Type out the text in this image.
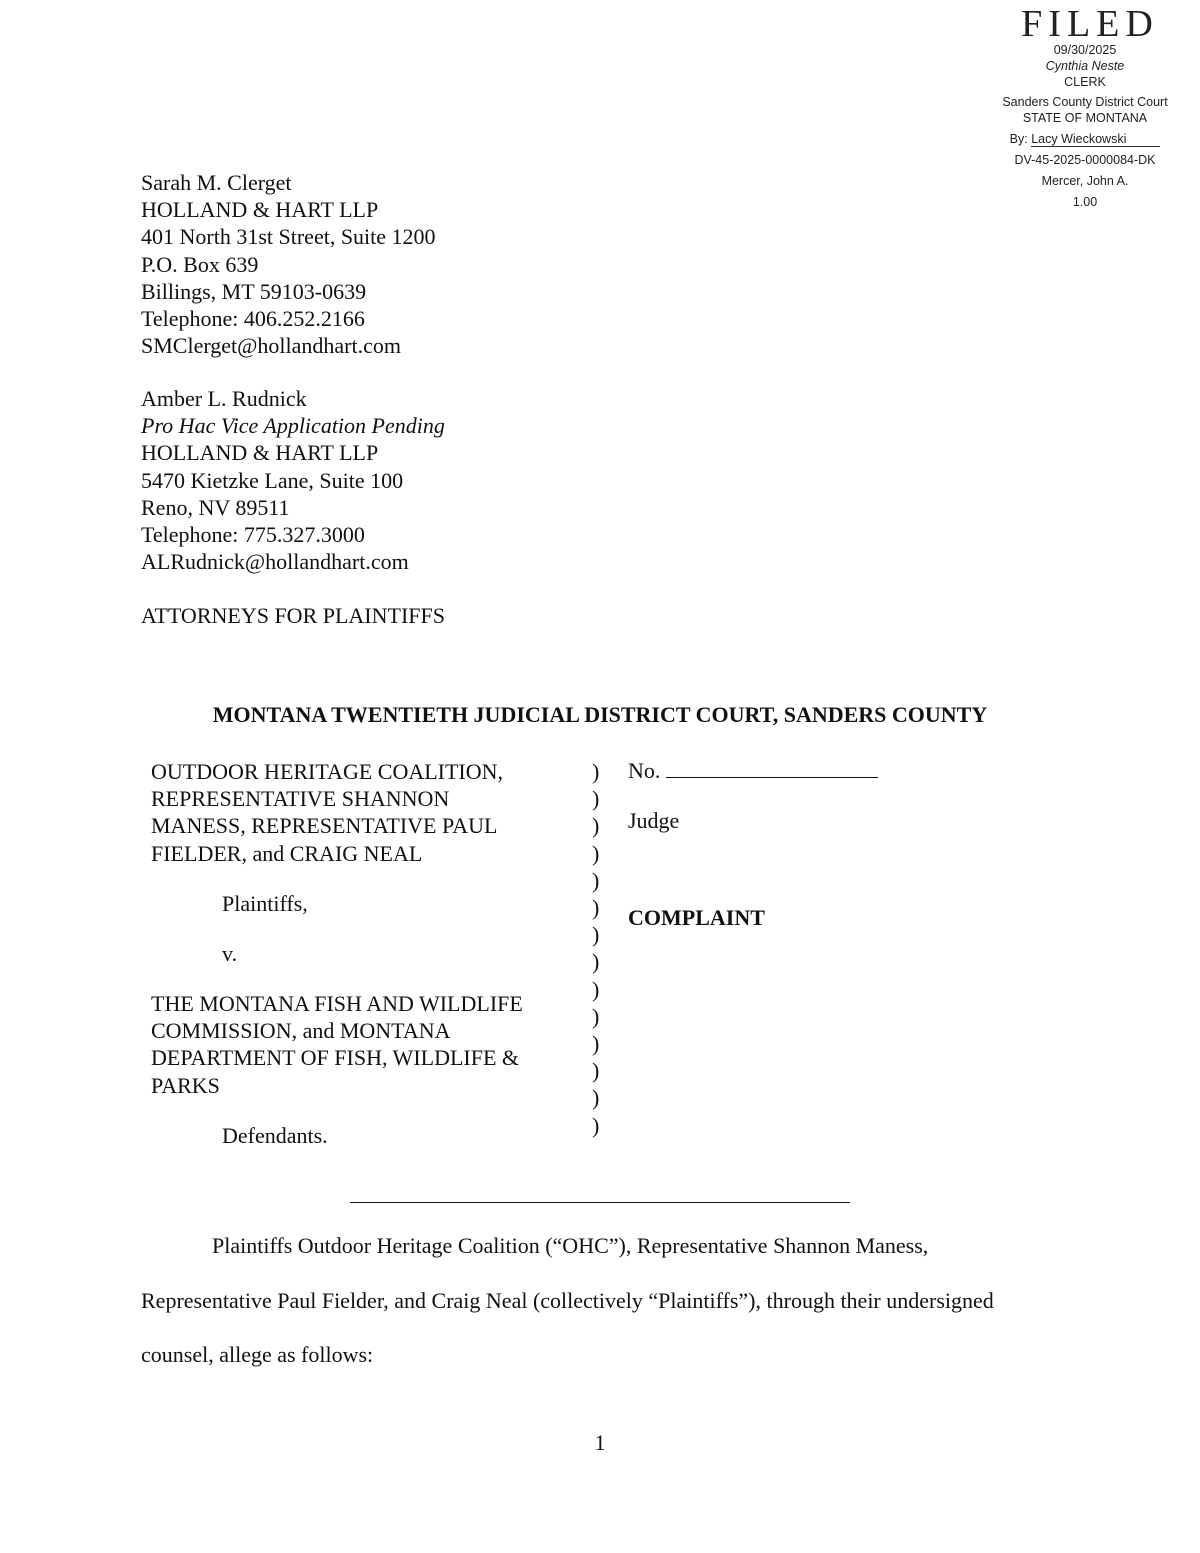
FILED
09/30/2025
Cynthia Neste
CLERK
Sanders County District Court
STATE OF MONTANA
By: Lacy Wieckowski
DV-45-2025-0000084-DK
Mercer, John A.
1.00
Sarah M. Clerget
HOLLAND & HART LLP
401 North 31st Street, Suite 1200
P.O. Box 639
Billings, MT 59103-0639
Telephone: 406.252.2166
SMClerget@hollandhart.com
Amber L. Rudnick
Pro Hac Vice Application Pending
HOLLAND & HART LLP
5470 Kietzke Lane, Suite 100
Reno, NV 89511
Telephone: 775.327.3000
ALRudnick@hollandhart.com
ATTORNEYS FOR PLAINTIFFS
MONTANA TWENTIETH JUDICIAL DISTRICT COURT, SANDERS COUNTY
OUTDOOR HERITAGE COALITION,
REPRESENTATIVE SHANNON
MANESS, REPRESENTATIVE PAUL
FIELDER, and CRAIG NEAL
Plaintiffs,
v.
THE MONTANA FISH AND WILDLIFE
COMMISSION, and MONTANA
DEPARTMENT OF FISH, WILDLIFE &
PARKS
Defendants.
)
)
)
)
)
)
)
)
)
)
)
)
)
)
No.
Judge
COMPLAINT
Plaintiffs Outdoor Heritage Coalition (“OHC”), Representative Shannon Maness,
Representative Paul Fielder, and Craig Neal (collectively “Plaintiffs”), through their undersigned
counsel, allege as follows:
1
